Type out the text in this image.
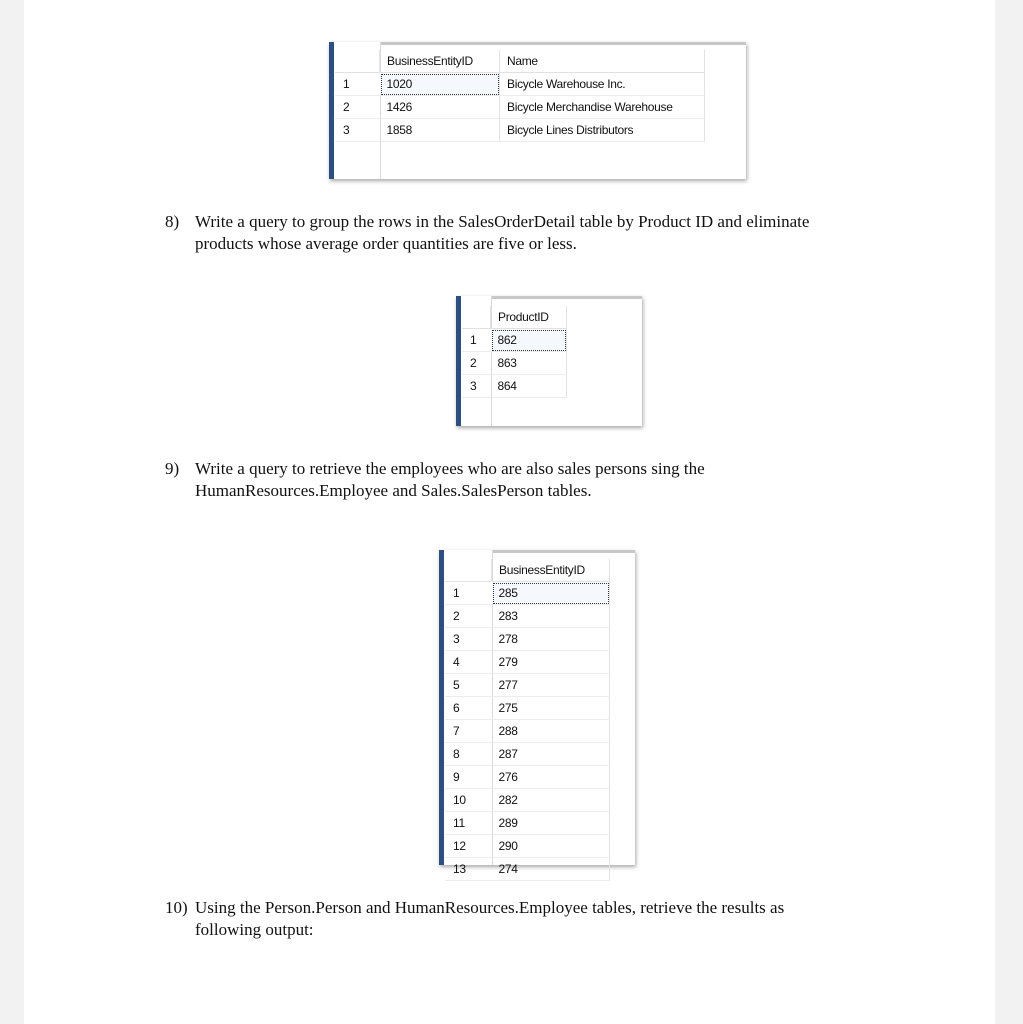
	BusinessEntityID	Name
1	1020	Bicycle Warehouse Inc.
2	1426	Bicycle Merchandise Warehouse
3	1858	Bicycle Lines Distributors
8) Write a query to group the rows in the SalesOrderDetail table by Product ID and eliminate
products whose average order quantities are five or less.
	ProductID
1	862
2	863
3	864
9) Write a query to retrieve the employees who are also sales persons sing the
HumanResources.Employee and Sales.SalesPerson tables.
	BusinessEntityID
1	285
2	283
3	278
4	279
5	277
6	275
7	288
8	287
9	276
10	282
11	289
12	290
13	274
10) Using the Person.Person and HumanResources.Employee tables, retrieve the results as
following output:
